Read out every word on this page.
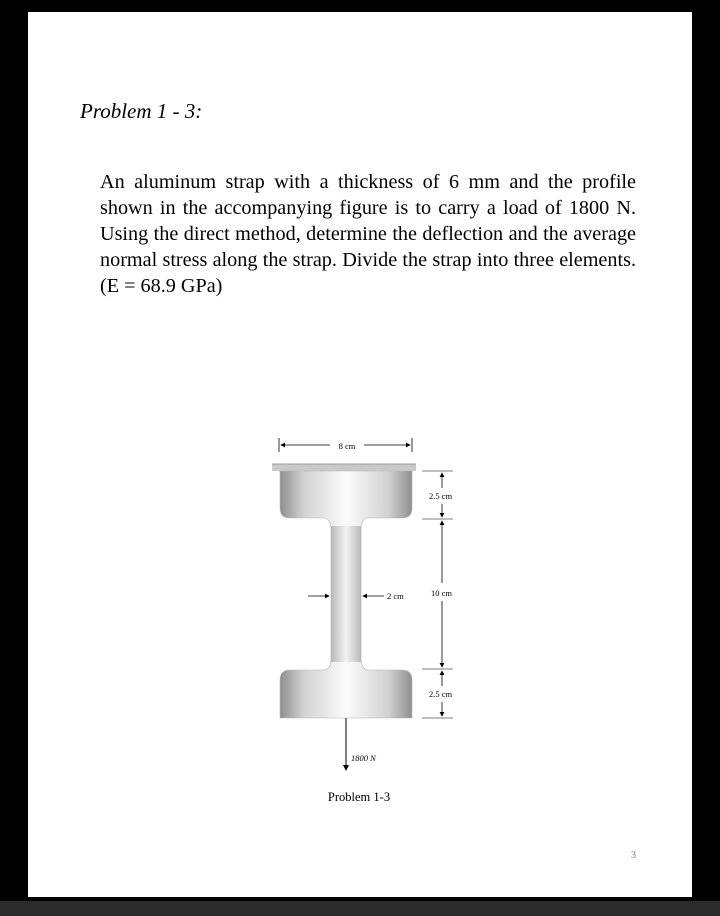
Problem 1 - 3:

An aluminum strap with a thickness of 6 mm and the profile shown in the accompanying figure is to carry a load of 1800 N. Using the direct method, determine the deflection and the average normal stress along the strap. Divide the strap into three elements. (E = 68.9 GPa)

8 cm
2 cm
2.5 cm
10 cm
2.5 cm
1800 N
Problem 1-3
3
